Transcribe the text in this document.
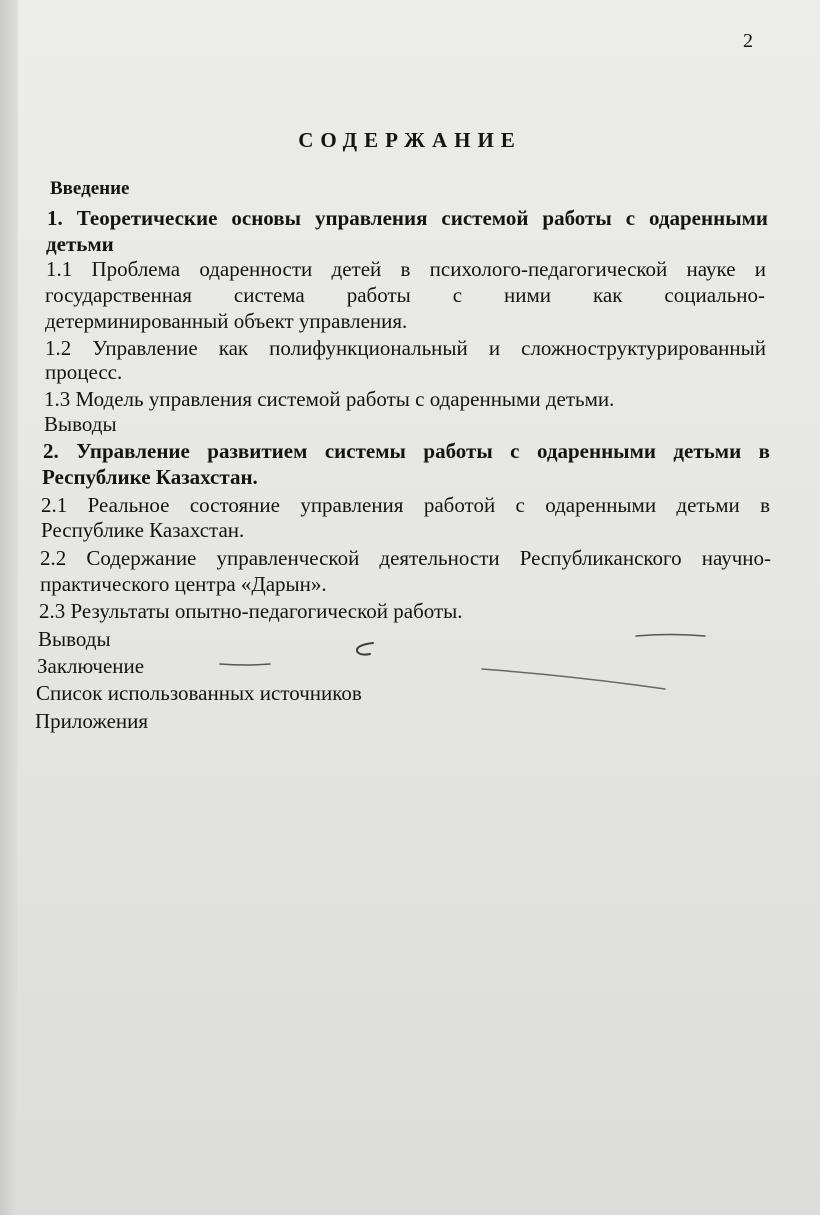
2
СОДЕРЖАНИЕ

Введение

1. Теоретические основы управления системой работы с одаренными

детьми

1.1 Проблема одаренности детей в психолого-педагогической науке и

государственная система работы с ними как социально-

детерминированный объект управления.

1.2 Управление как полифункциональный и сложноструктурированный

процесс.

1.3 Модель управления системой работы с одаренными детьми.

Выводы

2. Управление развитием системы работы с одаренными детьми в

Республике Казахстан.

2.1 Реальное состояние управления работой с одаренными детьми в

Республике Казахстан.

2.2 Содержание управленческой деятельности Республиканского научно-

практического центра «Дарын».

2.3 Результаты опытно-педагогической работы.

Выводы

Заключение

Список использованных источников

Приложения
